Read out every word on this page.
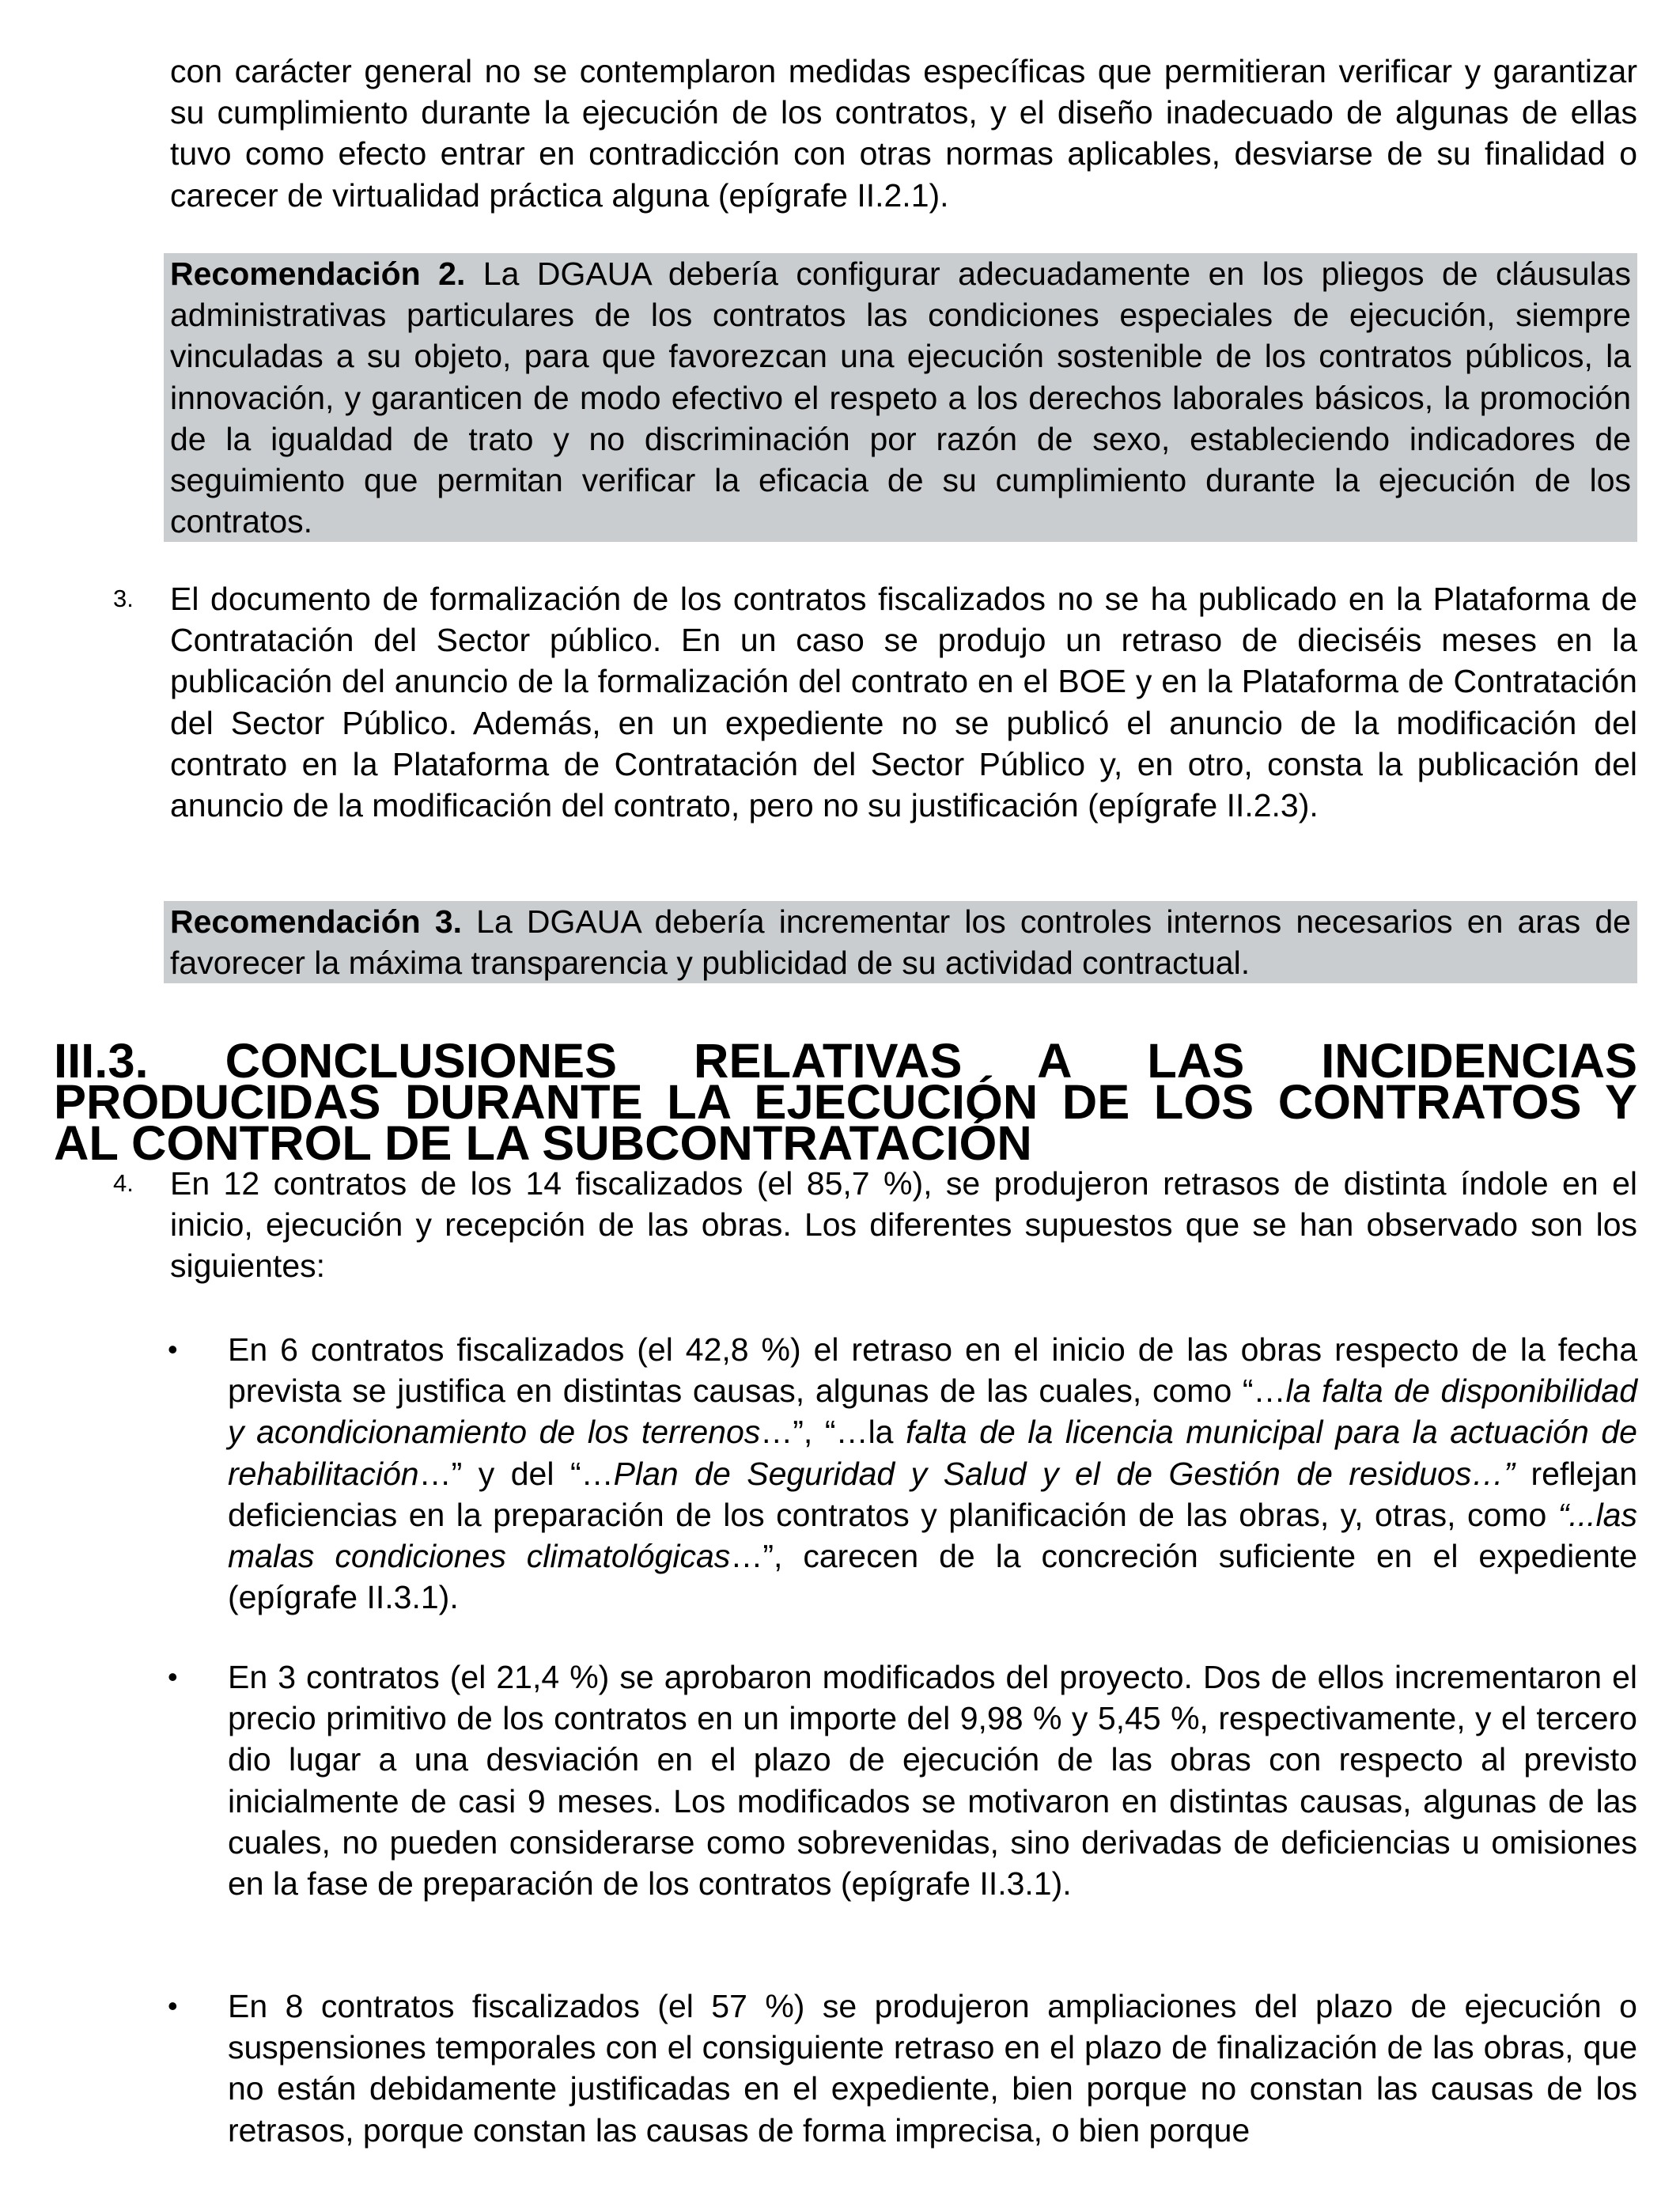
con carácter general no se contemplaron medidas específicas que permitieran verificar y garantizar su cumplimiento durante la ejecución de los contratos, y el diseño inadecuado de algunas de ellas tuvo como efecto entrar en contradicción con otras normas aplicables, desviarse de su finalidad o carecer de virtualidad práctica alguna (epígrafe II.2.1).

Recomendación 2. La DGAUA debería configurar adecuadamente en los pliegos de cláusulas administrativas particulares de los contratos las condiciones especiales de ejecución, siempre vinculadas a su objeto, para que favorezcan una ejecución sostenible de los contratos públicos, la innovación, y garanticen de modo efectivo el respeto a los derechos laborales básicos, la promoción de la igualdad de trato y no discriminación por razón de sexo, estableciendo indicadores de seguimiento que permitan verificar la eficacia de su cumplimiento durante la ejecución de los contratos.

3. El documento de formalización de los contratos fiscalizados no se ha publicado en la Plataforma de Contratación del Sector público. En un caso se produjo un retraso de dieciséis meses en la publicación del anuncio de la formalización del contrato en el BOE y en la Plataforma de Contratación del Sector Público. Además, en un expediente no se publicó el anuncio de la modificación del contrato en la Plataforma de Contratación del Sector Público y, en otro, consta la publicación del anuncio de la modificación del contrato, pero no su justificación (epígrafe II.2.3).

Recomendación 3. La DGAUA debería incrementar los controles internos necesarios en aras de favorecer la máxima transparencia y publicidad de su actividad contractual.

III.3. CONCLUSIONES RELATIVAS A LAS INCIDENCIAS PRODUCIDAS DURANTE LA EJECUCIÓN DE LOS CONTRATOS Y AL CONTROL DE LA SUBCONTRATACIÓN
4. En 12 contratos de los 14 fiscalizados (el 85,7 %), se produjeron retrasos de distinta índole en el inicio, ejecución y recepción de las obras. Los diferentes supuestos que se han observado son los siguientes:

• En 6 contratos fiscalizados (el 42,8 %) el retraso en el inicio de las obras respecto de la fecha prevista se justifica en distintas causas, algunas de las cuales, como “…la falta de disponibilidad y acondicionamiento de los terrenos…”, “…la falta de la licencia municipal para la actuación de rehabilitación…” y del “…Plan de Seguridad y Salud y el de Gestión de residuos…” reflejan deficiencias en la preparación de los contratos y planificación de las obras, y, otras, como “...las malas condiciones climatológicas…”, carecen de la concreción suficiente en el expediente (epígrafe II.3.1).

• En 3 contratos (el 21,4 %) se aprobaron modificados del proyecto. Dos de ellos incrementaron el precio primitivo de los contratos en un importe del 9,98 % y 5,45 %, respectivamente, y el tercero dio lugar a una desviación en el plazo de ejecución de las obras con respecto al previsto inicialmente de casi 9 meses. Los modificados se motivaron en distintas causas, algunas de las cuales, no pueden considerarse como sobrevenidas, sino derivadas de deficiencias u omisiones en la fase de preparación de los contratos (epígrafe II.3.1).

• En 8 contratos fiscalizados (el 57 %) se produjeron ampliaciones del plazo de ejecución o suspensiones temporales con el consiguiente retraso en el plazo de finalización de las obras, que no están debidamente justificadas en el expediente, bien porque no constan las causas de los retrasos, porque constan las causas de forma imprecisa, o bien porque
